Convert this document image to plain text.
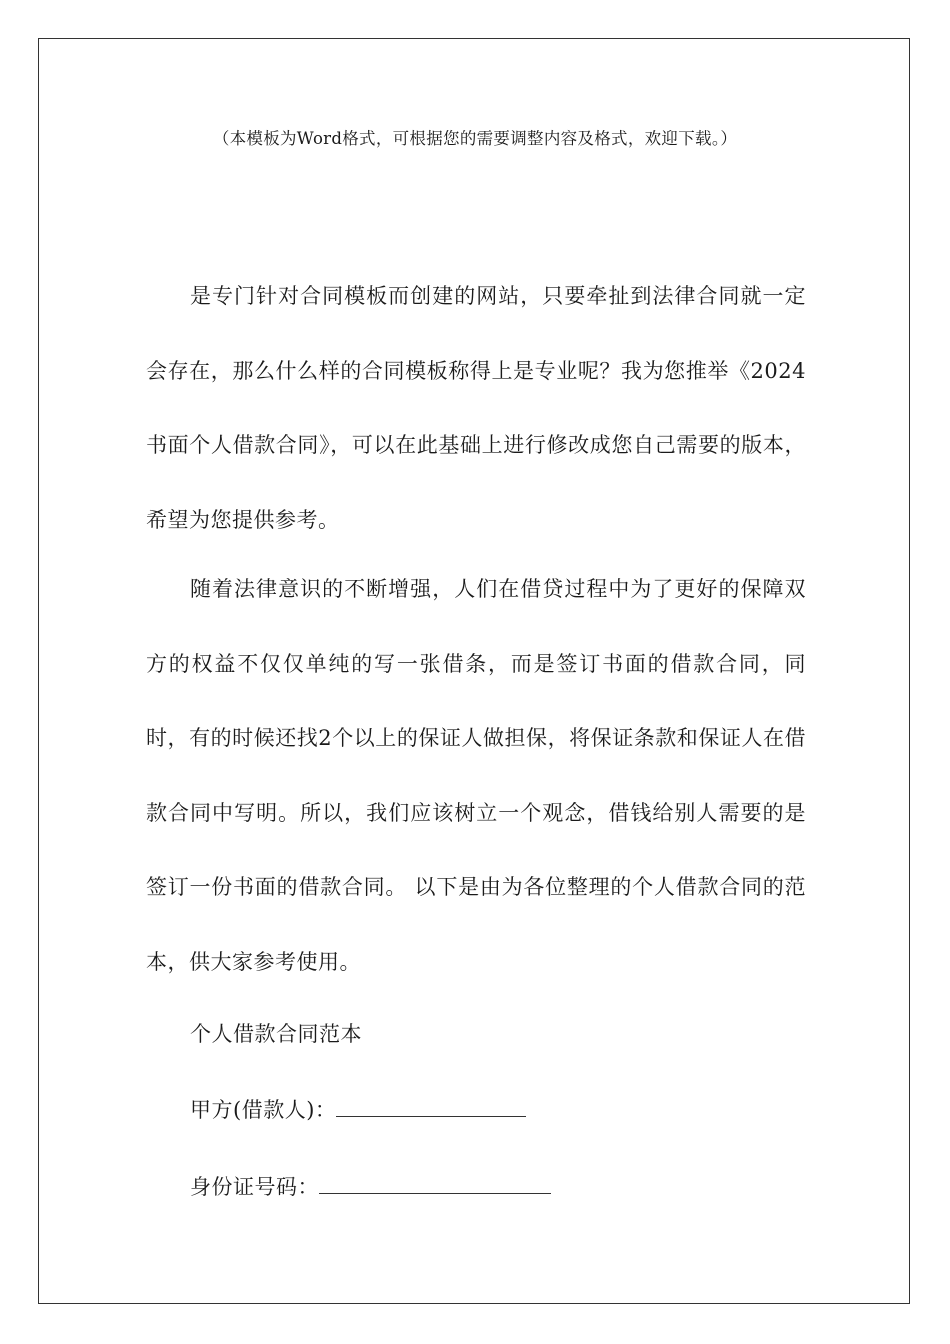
（本模板为Word格式，可根据您的需要调整内容及格式，欢迎下载。）

是专门针对合同模板而创建的网站，只要牵扯到法律合同就一定会存在，那么什么样的合同模板称得上是专业呢？我为您推举《2024书面个人借款合同》，可以在此基础上进行修改成您自己需要的版本，希望为您提供参考。

随着法律意识的不断增强，人们在借贷过程中为了更好的保障双方的权益不仅仅单纯的写一张借条，而是签订书面的借款合同，同时，有的时候还找2个以上的保证人做担保，将保证条款和保证人在借款合同中写明。所以，我们应该树立一个观念，借钱给别人需要的是签订一份书面的借款合同。 以下是由为各位整理的个人借款合同的范本，供大家参考使用。

个人借款合同范本
甲方(借款人)：
身份证号码：
